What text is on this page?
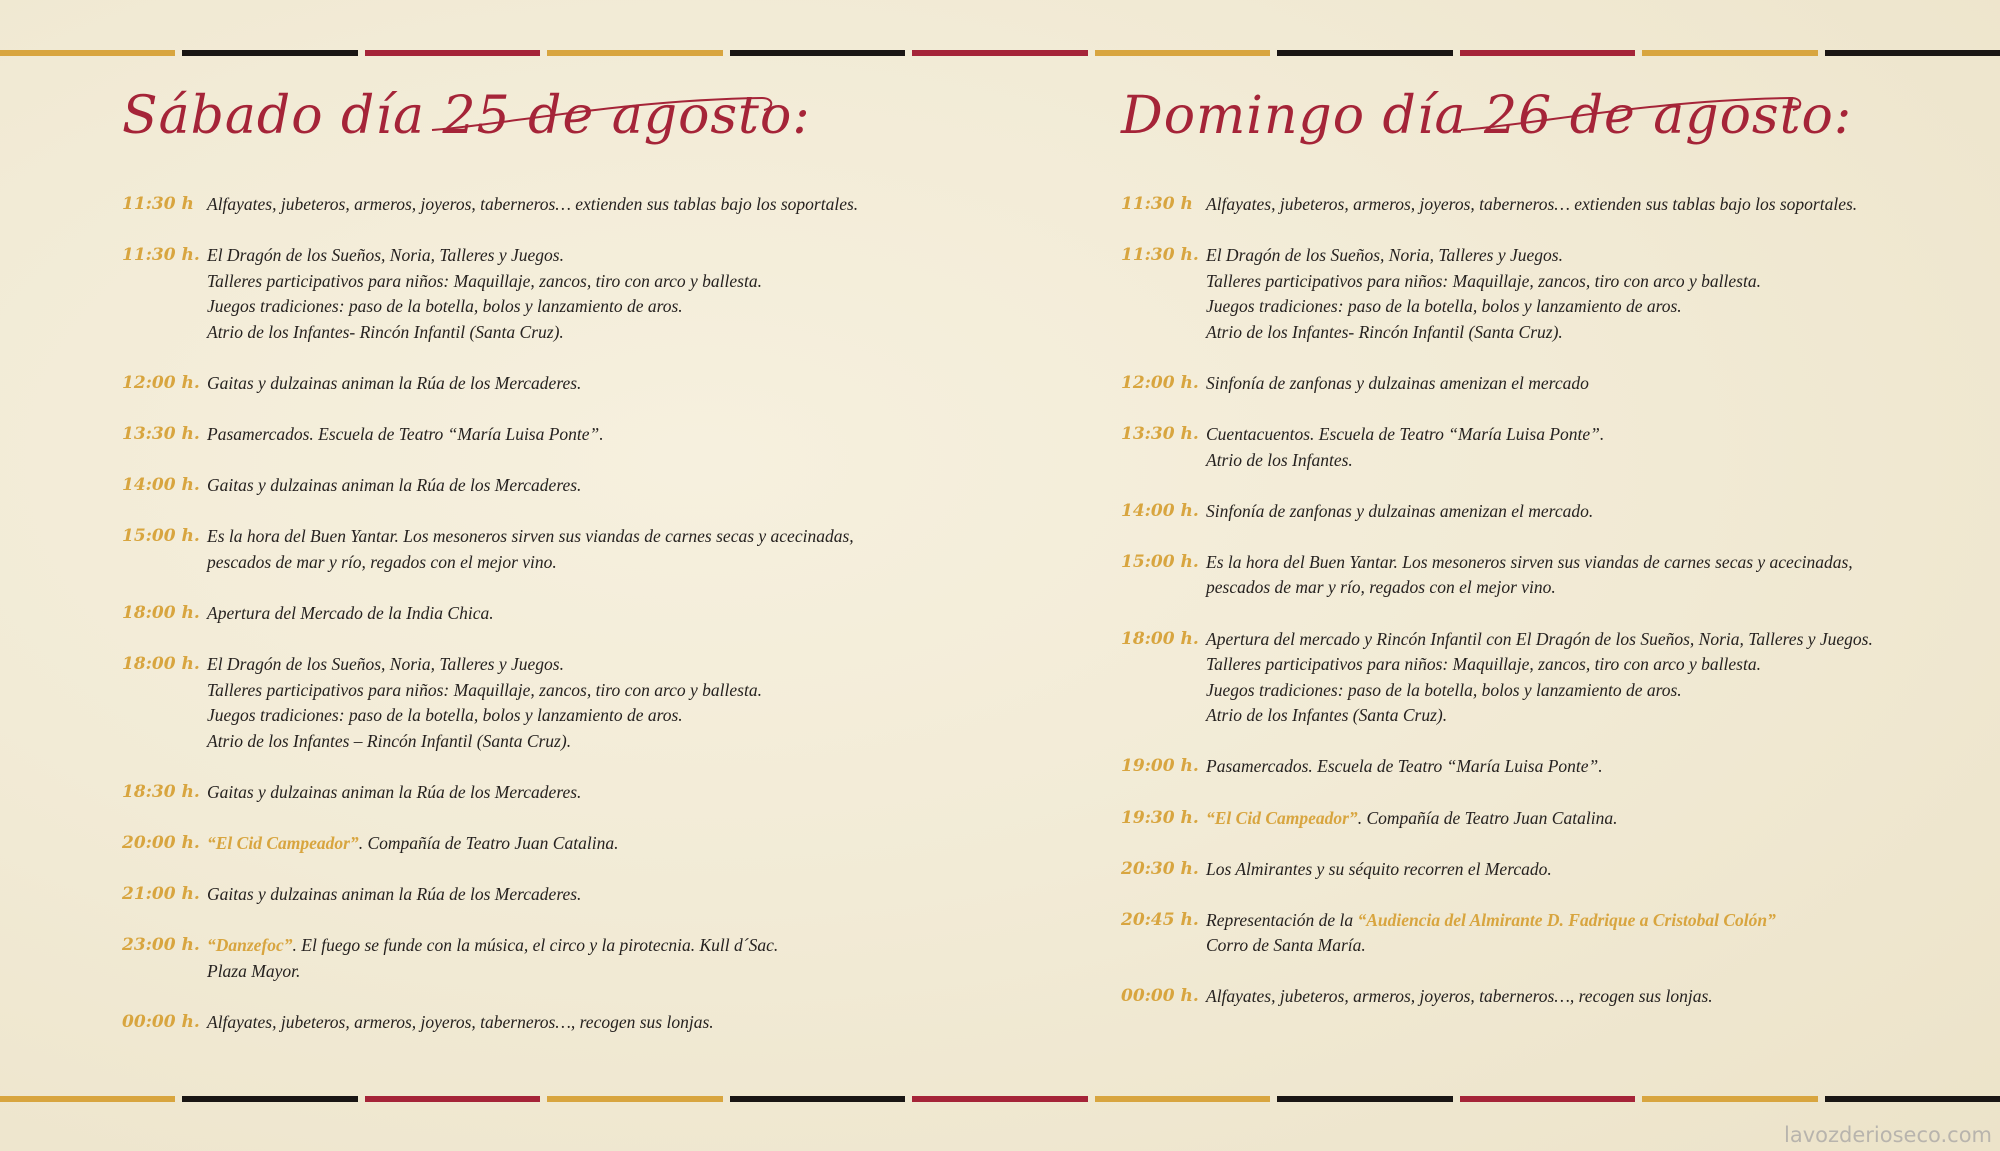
Sábado día 25 de agosto:
11:30 h Alfayates, jubeteros, armeros, joyeros, taberneros… extienden sus tablas bajo los soportales.
11:30 h. El Dragón de los Sueños, Noria, Talleres y Juegos.
Talleres participativos para niños: Maquillaje, zancos, tiro con arco y ballesta.
Juegos tradiciones: paso de la botella, bolos y lanzamiento de aros.
Atrio de los Infantes- Rincón Infantil (Santa Cruz).
12:00 h. Gaitas y dulzainas animan la Rúa de los Mercaderes.
13:30 h. Pasamercados. Escuela de Teatro “María Luisa Ponte”.
14:00 h. Gaitas y dulzainas animan la Rúa de los Mercaderes.
15:00 h. Es la hora del Buen Yantar. Los mesoneros sirven sus viandas de carnes secas y acecinadas,
pescados de mar y río, regados con el mejor vino.
18:00 h. Apertura del Mercado de la India Chica.
18:00 h. El Dragón de los Sueños, Noria, Talleres y Juegos.
Talleres participativos para niños: Maquillaje, zancos, tiro con arco y ballesta.
Juegos tradiciones: paso de la botella, bolos y lanzamiento de aros.
Atrio de los Infantes – Rincón Infantil (Santa Cruz).
18:30 h. Gaitas y dulzainas animan la Rúa de los Mercaderes.
20:00 h. “El Cid Campeador”. Compañía de Teatro Juan Catalina.
21:00 h. Gaitas y dulzainas animan la Rúa de los Mercaderes.
23:00 h. “Danzefoc”. El fuego se funde con la música, el circo y la pirotecnia. Kull d´Sac.
Plaza Mayor.
00:00 h. Alfayates, jubeteros, armeros, joyeros, taberneros…, recogen sus lonjas.
Domingo día 26 de agosto:
11:30 h Alfayates, jubeteros, armeros, joyeros, taberneros… extienden sus tablas bajo los soportales.
11:30 h. El Dragón de los Sueños, Noria, Talleres y Juegos.
Talleres participativos para niños: Maquillaje, zancos, tiro con arco y ballesta.
Juegos tradiciones: paso de la botella, bolos y lanzamiento de aros.
Atrio de los Infantes- Rincón Infantil (Santa Cruz).
12:00 h. Sinfonía de zanfonas y dulzainas amenizan el mercado
13:30 h. Cuentacuentos. Escuela de Teatro “María Luisa Ponte”.
Atrio de los Infantes.
14:00 h. Sinfonía de zanfonas y dulzainas amenizan el mercado.
15:00 h. Es la hora del Buen Yantar. Los mesoneros sirven sus viandas de carnes secas y acecinadas,
pescados de mar y río, regados con el mejor vino.
18:00 h. Apertura del mercado y Rincón Infantil con El Dragón de los Sueños, Noria, Talleres y Juegos.
Talleres participativos para niños: Maquillaje, zancos, tiro con arco y ballesta.
Juegos tradiciones: paso de la botella, bolos y lanzamiento de aros.
Atrio de los Infantes (Santa Cruz).
19:00 h. Pasamercados. Escuela de Teatro “María Luisa Ponte”.
19:30 h. “El Cid Campeador”. Compañía de Teatro Juan Catalina.
20:30 h. Los Almirantes y su séquito recorren el Mercado.
20:45 h. Representación de la “Audiencia del Almirante D. Fadrique a Cristobal Colón”
Corro de Santa María.
00:00 h. Alfayates, jubeteros, armeros, joyeros, taberneros…, recogen sus lonjas.
lavozderioseco.com
